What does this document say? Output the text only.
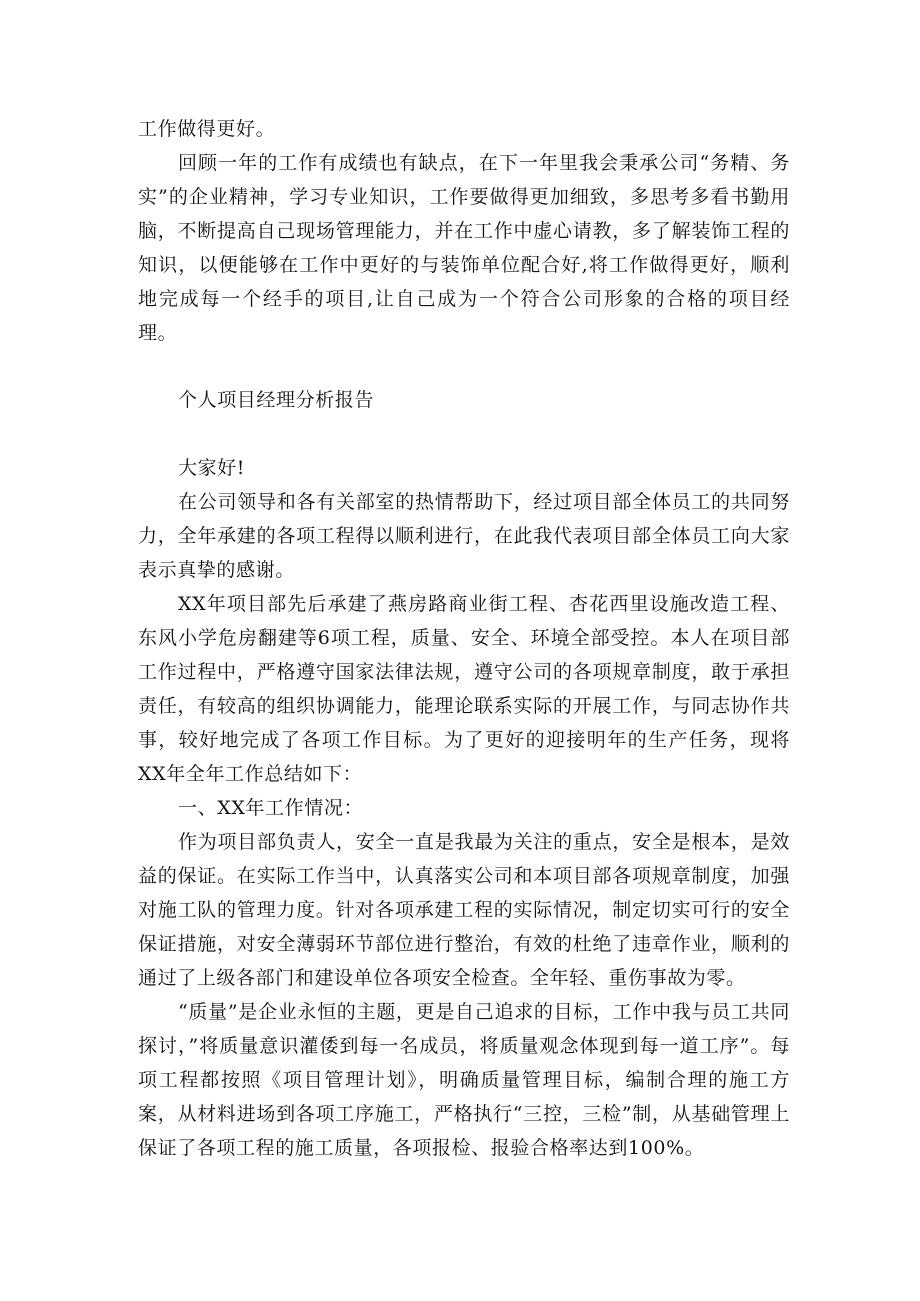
工作做得更好。

回顾一年的工作有成绩也有缺点，在下一年里我会秉承公司“务精、务实”的企业精神，学习专业知识，工作要做得更加细致，多思考多看书勤用脑，不断提高自己现场管理能力，并在工作中虚心请教，多了解装饰工程的知识，以便能够在工作中更好的与装饰单位配合好,将工作做得更好，顺利地完成每一个经手的项目,让自己成为一个符合公司形象的合格的项目经理。

个人项目经理分析报告

大家好!

在公司领导和各有关部室的热情帮助下，经过项目部全体员工的共同努力，全年承建的各项工程得以顺利进行，在此我代表项目部全体员工向大家表示真挚的感谢。

XX年项目部先后承建了燕房路商业街工程、杏花西里设施改造工程、东风小学危房翻建等6项工程，质量、安全、环境全部受控。本人在项目部工作过程中，严格遵守国家法律法规，遵守公司的各项规章制度，敢于承担责任，有较高的组织协调能力，能理论联系实际的开展工作，与同志协作共事，较好地完成了各项工作目标。为了更好的迎接明年的生产任务，现将XX年全年工作总结如下：

一、XX年工作情况：

作为项目部负责人，安全一直是我最为关注的重点，安全是根本，是效益的保证。在实际工作当中，认真落实公司和本项目部各项规章制度，加强对施工队的管理力度。针对各项承建工程的实际情况，制定切实可行的安全保证措施，对安全薄弱环节部位进行整治，有效的杜绝了违章作业，顺利的通过了上级各部门和建设单位各项安全检查。全年轻、重伤事故为零。

“质量”是企业永恒的主题，更是自己追求的目标，工作中我与员工共同探讨，”将质量意识灌倭到每一名成员，将质量观念体现到每一道工序”。每项工程都按照《项目管理计划》，明确质量管理目标，编制合理的施工方案，从材料进场到各项工序施工，严格执行“三控，三检”制，从基础管理上保证了各项工程的施工质量，各项报检、报验合格率达到100%。
